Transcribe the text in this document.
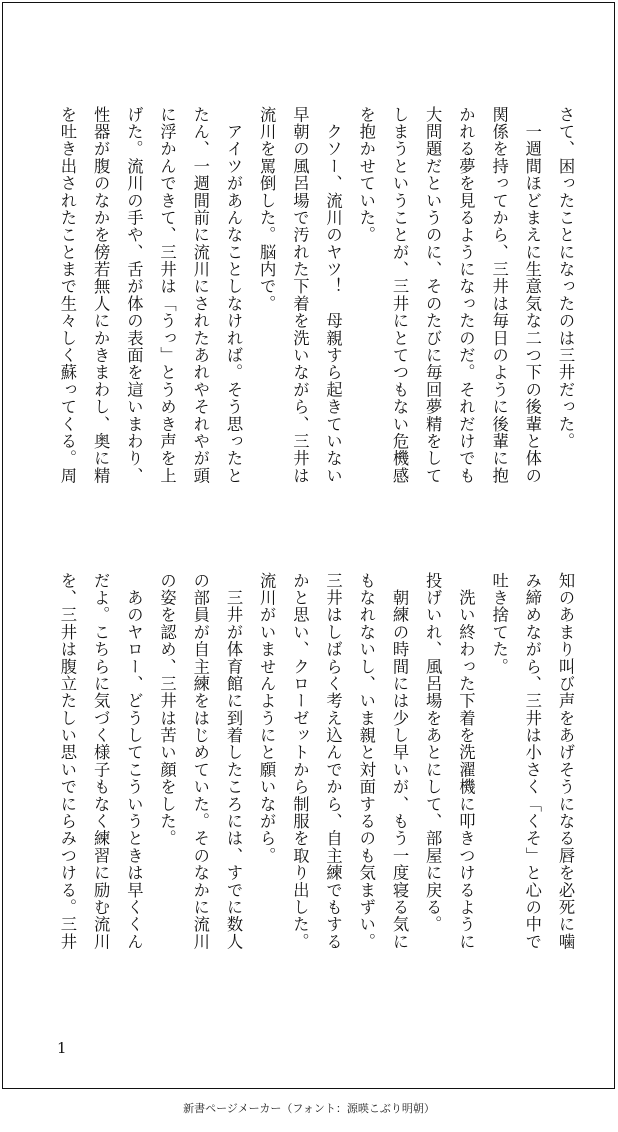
さて、困ったことになったのは三井だった。
　一週間ほどまえに生意気な二つ下の後輩と体の
関係を持ってから、三井は毎日のように後輩に抱
かれる夢を見るようになったのだ。それだけでも
大問題だというのに、そのたびに毎回夢精をして
しまうということが、三井にとてつもない危機感
を抱かせていた。
　クソー、流川のヤツ！　母親すら起きていない
早朝の風呂場で汚れた下着を洗いながら、三井は
流川を罵倒した。脳内で。
　アイツがあんなことしなければ。そう思ったと
たん、一週間前に流川にされたあれやそれやが頭
に浮かんできて、三井は「うっ」とうめき声を上
げた。流川の手や、舌が体の表面を這いまわり、
性器が腹のなかを傍若無人にかきまわし、奥に精
を吐き出されたことまで生々しく蘇ってくる。周
知のあまり叫び声をあげそうになる唇を必死に噛
み締めながら、三井は小さく「くそ」と心の中で
吐き捨てた。
　洗い終わった下着を洗濯機に叩きつけるように
投げいれ、風呂場をあとにして、部屋に戻る。
　朝練の時間には少し早いが、もう一度寝る気に
もなれないし、いま親と対面するのも気まずい。
三井はしばらく考え込んでから、自主練でもする
かと思い、クローゼットから制服を取り出した。
流川がいませんようにと願いながら。
　三井が体育館に到着したころには、すでに数人
の部員が自主練をはじめていた。そのなかに流川
の姿を認め、三井は苦い顔をした。
　あのヤロー、どうしてこういうときは早くくん
だよ。こちらに気づく様子もなく練習に励む流川
を、三井は腹立たしい思いでにらみつける。三井
1
新書ページメーカー（フォント：源暎こぶり明朝）
